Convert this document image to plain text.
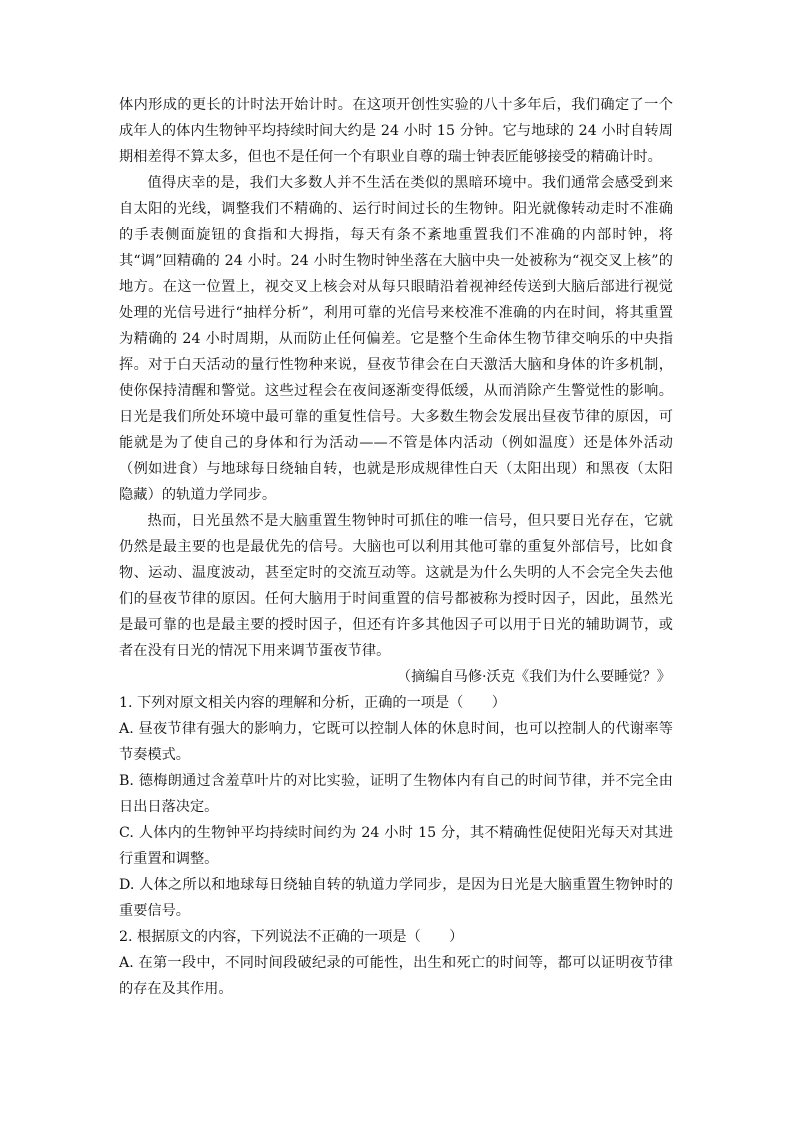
体内形成的更长的计时法开始计时。在这项开创性实验的八十多年后，我们确定了一个成年人的体内生物钟平均持续时间大约是 24 小时 15 分钟。它与地球的 24 小时自转周期相差得不算太多，但也不是任何一个有职业自尊的瑞士钟表匠能够接受的精确计时。

值得庆幸的是，我们大多数人并不生活在类似的黑暗环境中。我们通常会感受到来自太阳的光线，调整我们不精确的、运行时间过长的生物钟。阳光就像转动走时不准确的手表侧面旋钮的食指和大拇指，每天有条不紊地重置我们不准确的内部时钟，将其“调”回精确的 24 小时。24 小时生物时钟坐落在大脑中央一处被称为“视交叉上核”的地方。在这一位置上，视交叉上核会对从每只眼睛沿着视神经传送到大脑后部进行视觉处理的光信号进行“抽样分析”，利用可靠的光信号来校准不准确的内在时间，将其重置为精确的 24 小时周期，从而防止任何偏差。它是整个生命体生物节律交响乐的中央指挥。对于白天活动的量行性物种来说，昼夜节律会在白天激活大脑和身体的许多机制，使你保持清醒和警觉。这些过程会在夜间逐渐变得低缓，从而消除产生警觉性的影响。日光是我们所处环境中最可靠的重复性信号。大多数生物会发展出昼夜节律的原因，可能就是为了使自己的身体和行为活动——不管是体内活动（例如温度）还是体外活动（例如进食）与地球每日绕轴自转，也就是形成规律性白天（太阳出现）和黑夜（太阳隐藏）的轨道力学同步。

热而，日光虽然不是大脑重置生物钟时可抓住的唯一信号，但只要日光存在，它就仍然是最主要的也是最优先的信号。大脑也可以利用其他可靠的重复外部信号，比如食物、运动、温度波动，甚至定时的交流互动等。这就是为什么失明的人不会完全失去他们的昼夜节律的原因。任何大脑用于时间重置的信号都被称为授时因子，因此，虽然光是最可靠的也是最主要的授时因子，但还有许多其他因子可以用于日光的辅助调节，或者在没有日光的情况下用来调节蛋夜节律。

（摘编自马修·沃克《我们为什么要睡觉？》

1. 下列对原文相关内容的理解和分析，正确的一项是（　　）

A. 昼夜节律有强大的影响力，它既可以控制人体的休息时间，也可以控制人的代谢率等节奏模式。

B. 德梅朗通过含羞草叶片的对比实验，证明了生物体内有自己的时间节律，并不完全由日出日落决定。

C. 人体内的生物钟平均持续时间约为 24 小时 15 分，其不精确性促使阳光每天对其进行重置和调整。

D. 人体之所以和地球每日绕轴自转的轨道力学同步，是因为日光是大脑重置生物钟时的重要信号。

2. 根据原文的内容，下列说法不正确的一项是（　　）

A. 在第一段中，不同时间段破纪录的可能性，出生和死亡的时间等，都可以证明夜节律的存在及其作用。
